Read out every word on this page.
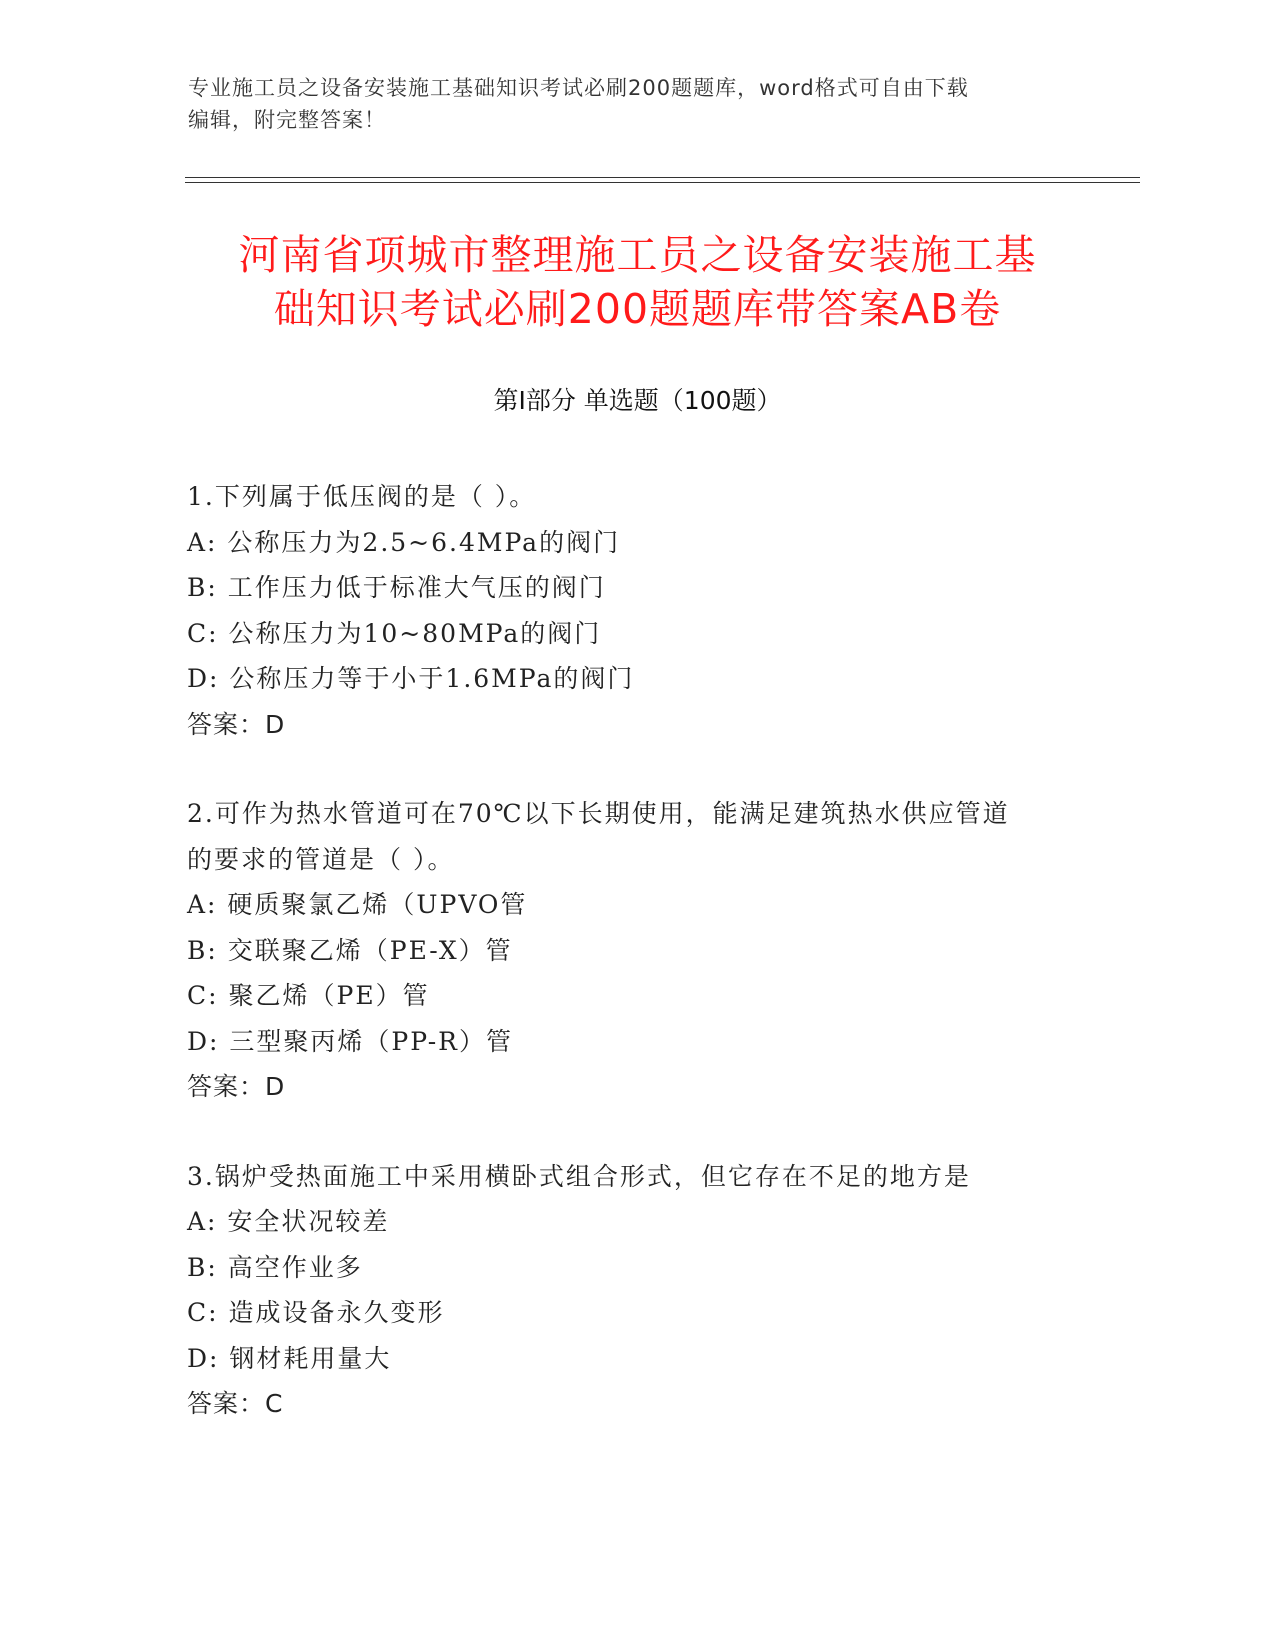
专业施工员之设备安装施工基础知识考试必刷200题题库，word格式可自由下载
编辑，附完整答案！
河南省项城市整理施工员之设备安装施工基
础知识考试必刷200题题库带答案AB卷
第Ⅰ部分 单选题（100题）
1.下列属于低压阀的是（ ）。
A: 公称压力为2.5~6.4MPa的阀门
B: 工作压力低于标准大气压的阀门
C: 公称压力为10~80MPa的阀门
D: 公称压力等于小于1.6MPa的阀门
答案：D
2.可作为热水管道可在70℃以下长期使用，能满足建筑热水供应管道
的要求的管道是（ ）。
A: 硬质聚氯乙烯（UPVO管
B: 交联聚乙烯（PE-X）管
C: 聚乙烯（PE）管
D: 三型聚丙烯（PP-R）管
答案：D
3.锅炉受热面施工中采用横卧式组合形式，但它存在不足的地方是
A: 安全状况较差
B: 高空作业多
C: 造成设备永久变形
D: 钢材耗用量大
答案：C
